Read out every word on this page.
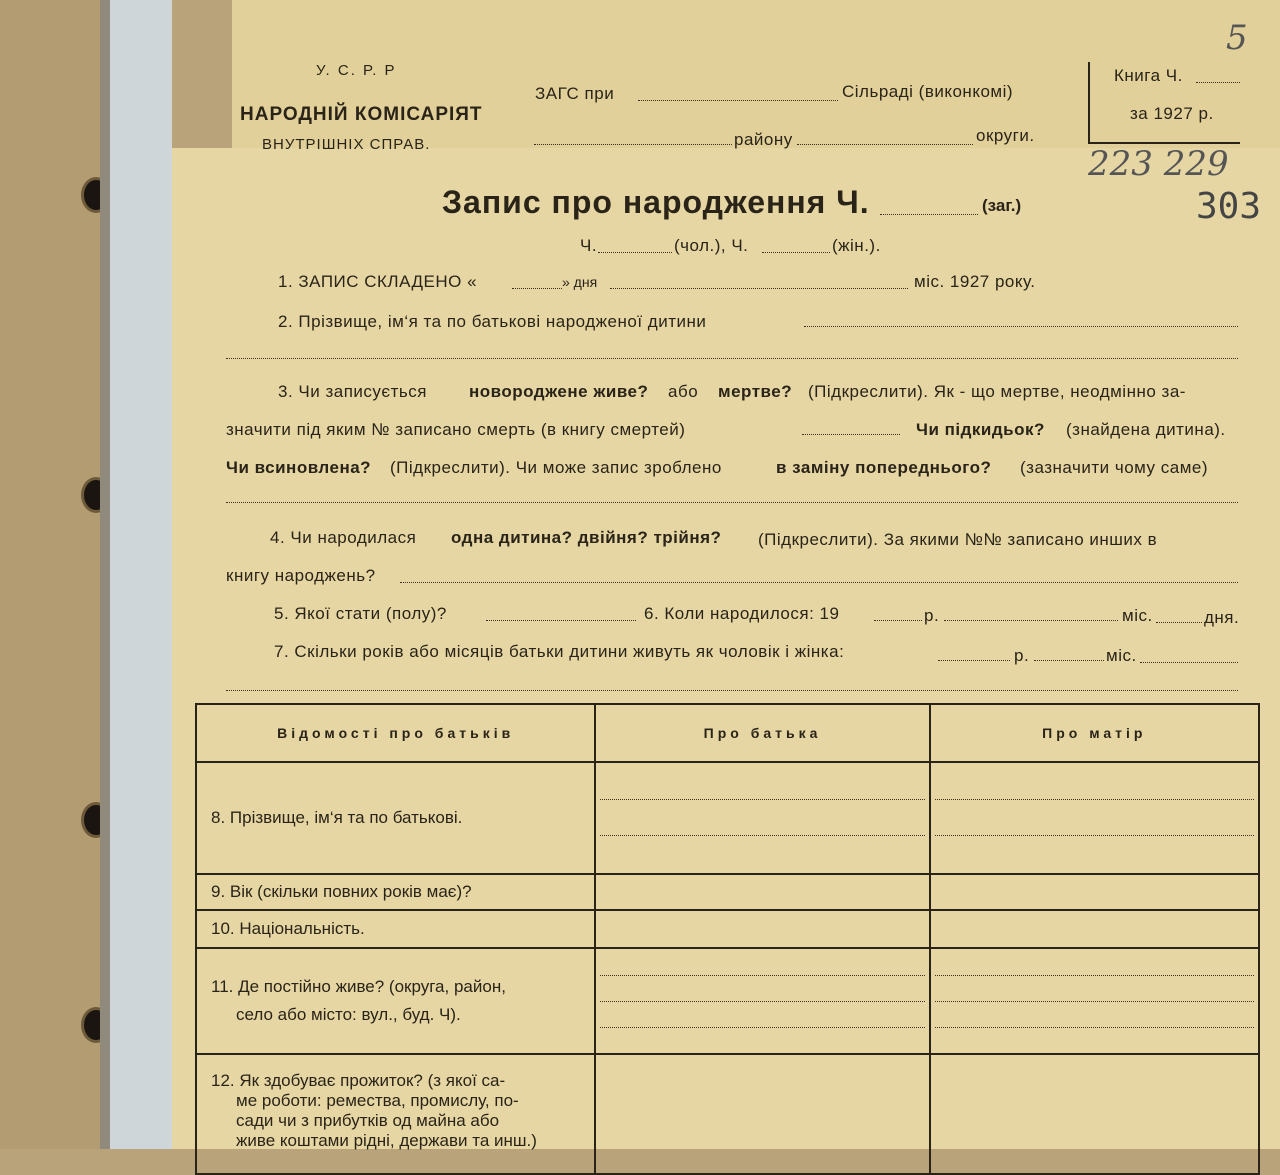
У. С. Р. Р
НАРОДНІЙ КОМІСАРІЯТ
ВНУТРІШНІХ СПРАВ.
ЗАГС при	Сільраді (виконкомі)
району	округи.
Книга Ч.
за 1927 р.
5
223 229
303
Запис про народження Ч.	(заг.)
Ч.	(чол.), Ч.	(жін.).
1. ЗАПИС СКЛАДЕНО «	» дня	міс. 1927 року.
2. Прізвище, ім‘я та по батькові народженої дитини
3. Чи записується новороджене живе? або мертве? (Підкреслити). Як - що мертве, неодмінно за-
значити під яким № записано смерть (в книгу смертей)	Чи підкидьок? (знайдена дитина).
Чи всиновлена? (Підкреслити). Чи може запис зроблено	в заміну попереднього? (зазначити чому саме)
4. Чи народилася одна дитина? двійня? трійня? (Підкреслити). За якими №№ записано инших в
книгу народжень?
5. Якої стати (полу)?	6. Коли народилося: 19	р.	міс.	дня.
7. Скільки років або місяців батьки дитини живуть як чоловік і жінка:	р.	міс.
Відомості про батьків	Про батька	Про матір
8. Прізвище, ім‘я та по батькові.	

9. Вік (скільки повних років має)?		
10. Національність.		

11. Де постійно живе? (округа, район,
село або місто: вул., буд. Ч).		

12. Як здобуває прожиток? (з якої са-
ме роботи: ремества, промислу, по-
сади чи з прибутків од майна або
живе коштами рідні, держави та инш.)		
